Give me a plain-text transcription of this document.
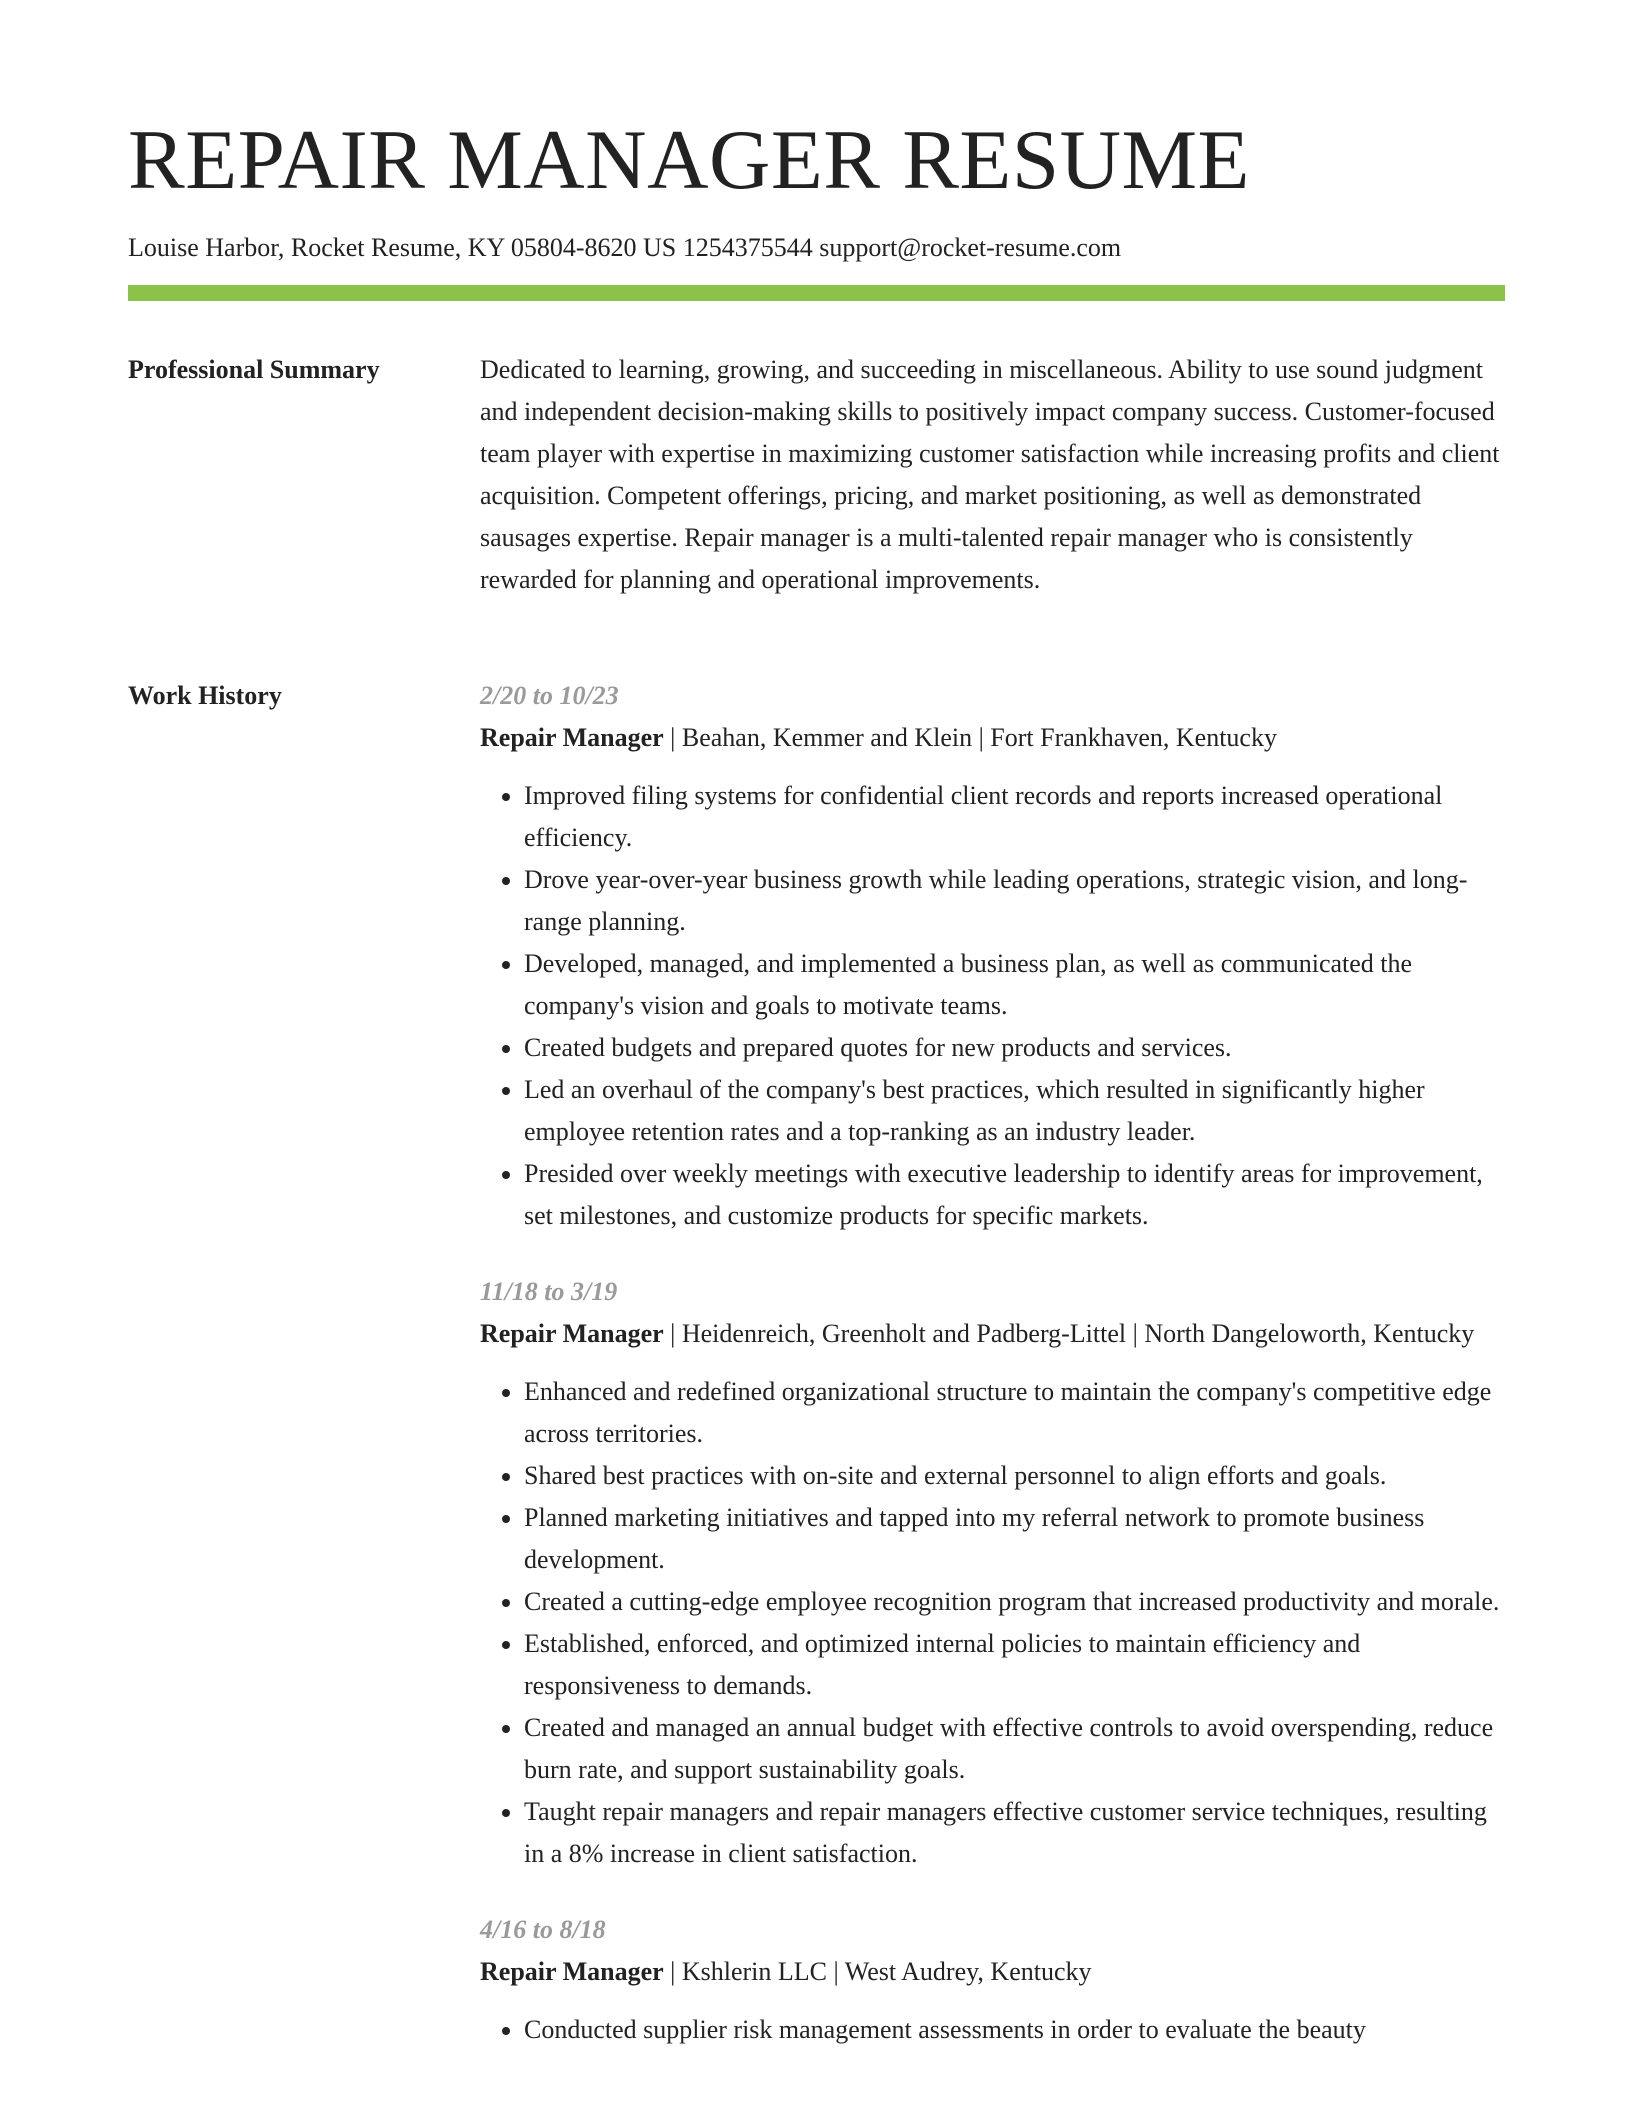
REPAIR MANAGER RESUME

Louise Harbor, Rocket Resume, KY 05804-8620 US 1254375544 support@rocket-resume.com

Professional Summary	Dedicated to learning, growing, and succeeding in miscellaneous. Ability to use sound judgment and independent decision-making skills to positively impact company success. Customer-focused team player with expertise in maximizing customer satisfaction while increasing profits and client acquisition. Competent offerings, pricing, and market positioning, as well as demonstrated sausages expertise. Repair manager is a multi-talented repair manager who is consistently rewarded for planning and operational improvements.

Work History	2/20 to 10/23

Repair Manager | Beahan, Kemmer and Klein | Fort Frankhaven, Kentucky

• Improved filing systems for confidential client records and reports increased operational efficiency.
• Drove year-over-year business growth while leading operations, strategic vision, and long-range planning.
• Developed, managed, and implemented a business plan, as well as communicated the company's vision and goals to motivate teams.
• Created budgets and prepared quotes for new products and services.
• Led an overhaul of the company's best practices, which resulted in significantly higher employee retention rates and a top-ranking as an industry leader.
• Presided over weekly meetings with executive leadership to identify areas for improvement, set milestones, and customize products for specific markets.

11/18 to 3/19

Repair Manager | Heidenreich, Greenholt and Padberg-Littel | North Dangeloworth, Kentucky

• Enhanced and redefined organizational structure to maintain the company's competitive edge across territories.
• Shared best practices with on-site and external personnel to align efforts and goals.
• Planned marketing initiatives and tapped into my referral network to promote business development.
• Created a cutting-edge employee recognition program that increased productivity and morale.
• Established, enforced, and optimized internal policies to maintain efficiency and responsiveness to demands.
• Created and managed an annual budget with effective controls to avoid overspending, reduce burn rate, and support sustainability goals.
• Taught repair managers and repair managers effective customer service techniques, resulting in a 8% increase in client satisfaction.

4/16 to 8/18

Repair Manager | Kshlerin LLC | West Audrey, Kentucky

• Conducted supplier risk management assessments in order to evaluate the beauty
